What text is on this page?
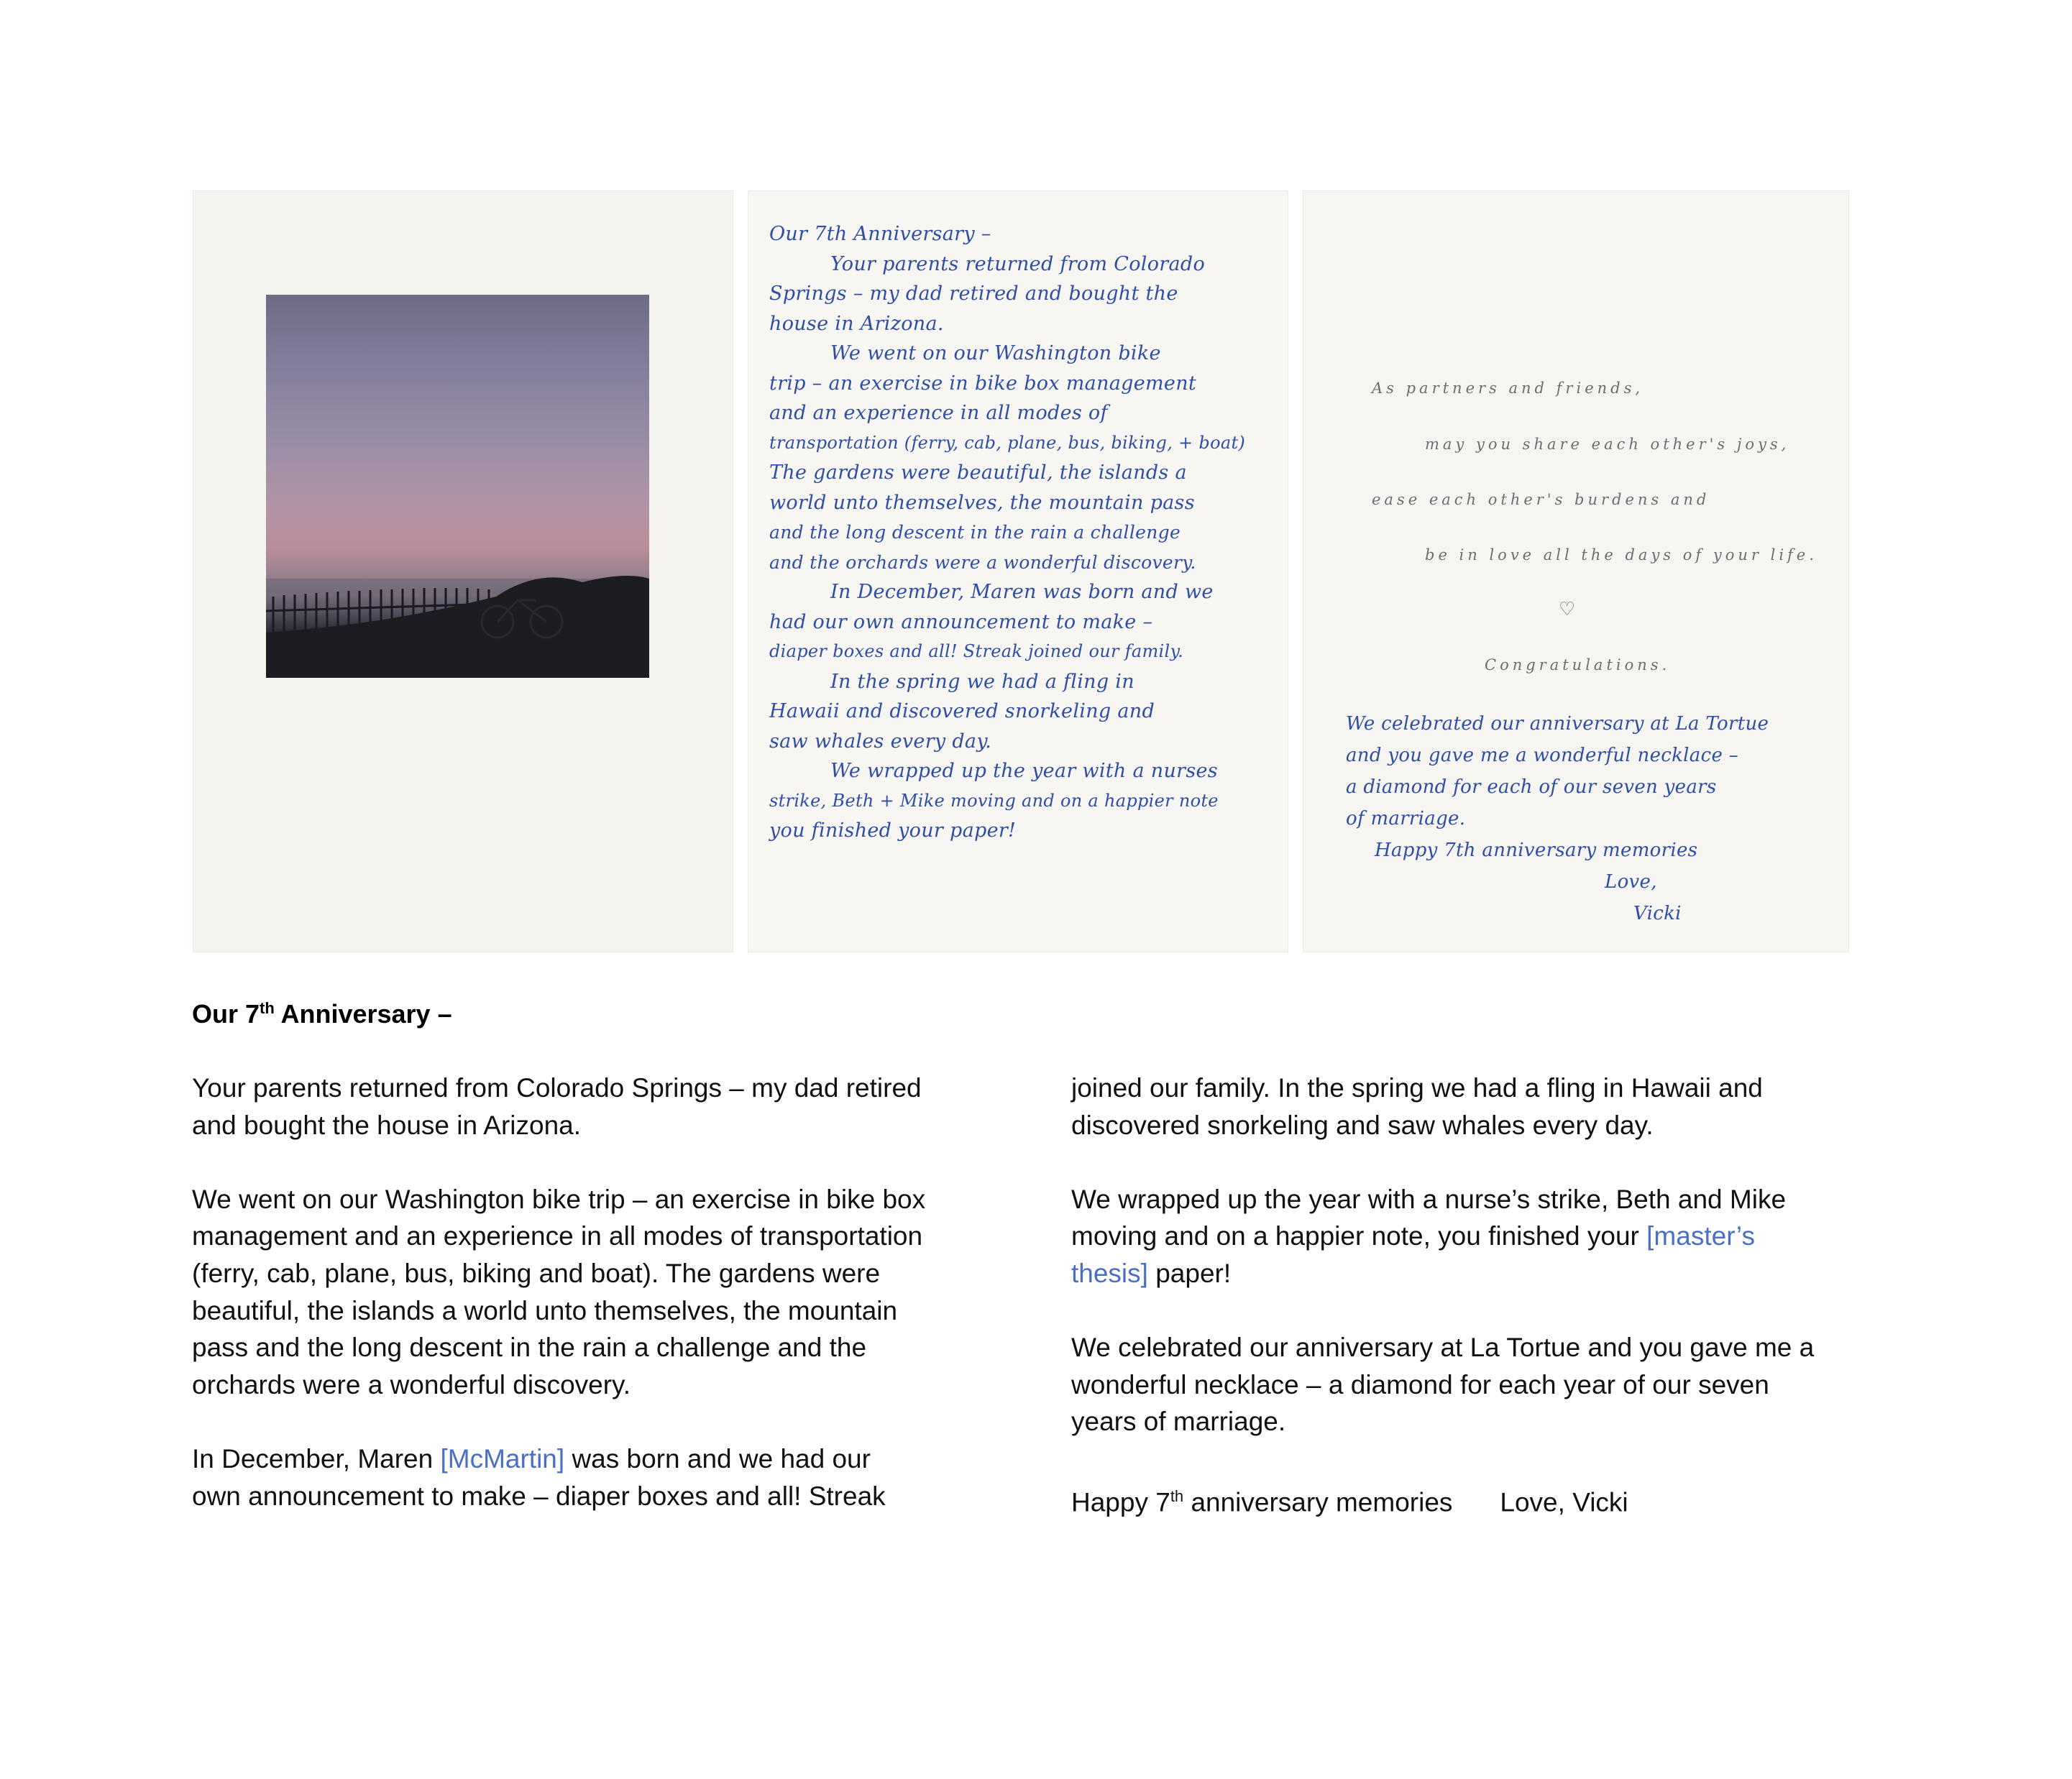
Our 7th Anniversary –
Your parents returned from Colorado
Springs – my dad retired and bought the
house in Arizona.
We went on our Washington bike
trip – an exercise in bike box management
and an experience in all modes of
transportation (ferry, cab, plane, bus, biking, + boat)
The gardens were beautiful, the islands a
world unto themselves, the mountain pass
and the long descent in the rain a challenge
and the orchards were a wonderful discovery.
In December, Maren was born and we
had our own announcement to make –
diaper boxes and all! Streak joined our family.
In the spring we had a fling in
Hawaii and discovered snorkeling and
saw whales every day.
We wrapped up the year with a nurses
strike, Beth + Mike moving and on a happier note
you finished your paper!
As partners and friends,
may you share each other's joys,
ease each other's burdens and
be in love all the days of your life.
♡
Congratulations.
We celebrated our anniversary at La Tortue
and you gave me a wonderful necklace –
a diamond for each of our seven years
of marriage.
Happy 7th anniversary memories
Love,
Vicki
Our 7th Anniversary –

Your parents returned from Colorado Springs – my dad retired
and bought the house in Arizona.

We went on our Washington bike trip – an exercise in bike box
management and an experience in all modes of transportation
(ferry, cab, plane, bus, biking and boat). The gardens were
beautiful, the islands a world unto themselves, the mountain
pass and the long descent in the rain a challenge and the
orchards were a wonderful discovery.

In December, Maren [McMartin] was born and we had our
own announcement to make – diaper boxes and all! Streak

joined our family. In the spring we had a fling in Hawaii and
discovered snorkeling and saw whales every day.

We wrapped up the year with a nurse’s strike, Beth and Mike
moving and on a happier note, you finished your [master’s
thesis] paper!

We celebrated our anniversary at La Tortue and you gave me a
wonderful necklace – a diamond for each year of our seven
years of marriage.

Happy 7th anniversary memories Love, Vicki
